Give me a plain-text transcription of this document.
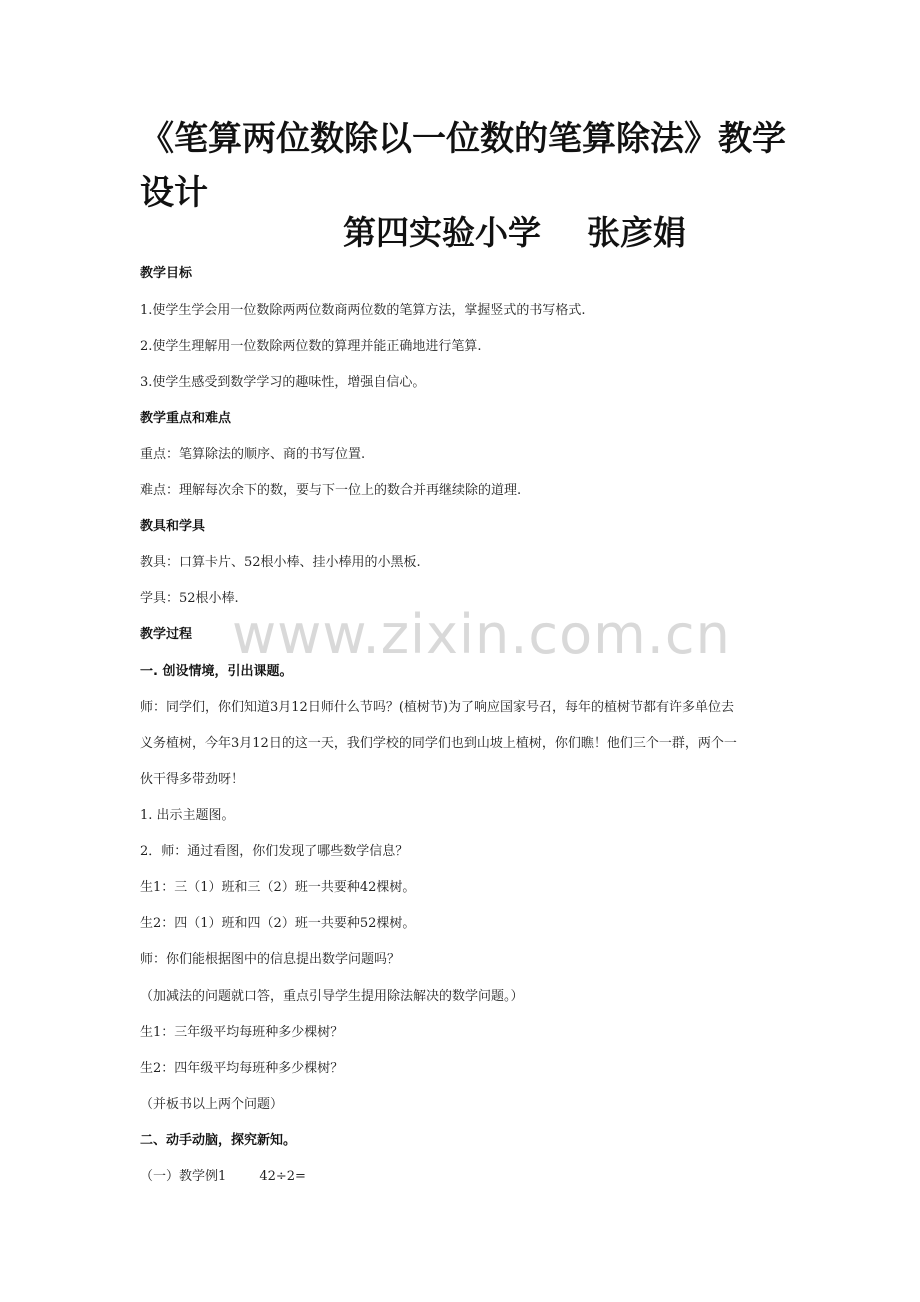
《笔算两位数除以一位数的笔算除法》教学设计
第四实验小学    张彦娟
教学目标
1.使学生学会用一位数除两两位数商两位数的笔算方法，掌握竖式的书写格式.
2.使学生理解用一位数除两位数的算理并能正确地进行笔算.
3.使学生感受到数学学习的趣味性，增强自信心。
教学重点和难点
重点：笔算除法的顺序、商的书写位置.
难点：理解每次余下的数，要与下一位上的数合并再继续除的道理.
教具和学具
教具：口算卡片、52根小棒、挂小棒用的小黑板.
学具：52根小棒.
教学过程
一. 创设情境，引出课题。
师：同学们，你们知道3月12日师什么节吗？(植树节)为了响应国家号召，每年的植树节都有许多单位去
义务植树，今年3月12日的这一天，我们学校的同学们也到山坡上植树，你们瞧！他们三个一群，两个一
伙干得多带劲呀！
1. 出示主题图。
2．师：通过看图，你们发现了哪些数学信息？
生1：三（1）班和三（2）班一共要种42棵树。
生2：四（1）班和四（2）班一共要种52棵树。
师：你们能根据图中的信息提出数学问题吗？
（加减法的问题就口答，重点引导学生提用除法解决的数学问题。）
生1：三年级平均每班种多少棵树？
生2：四年级平均每班种多少棵树？
（并板书以上两个问题）
二、动手动脑，探究新知。
（一）教学例1        42÷2=
www.zixin.com.cn
